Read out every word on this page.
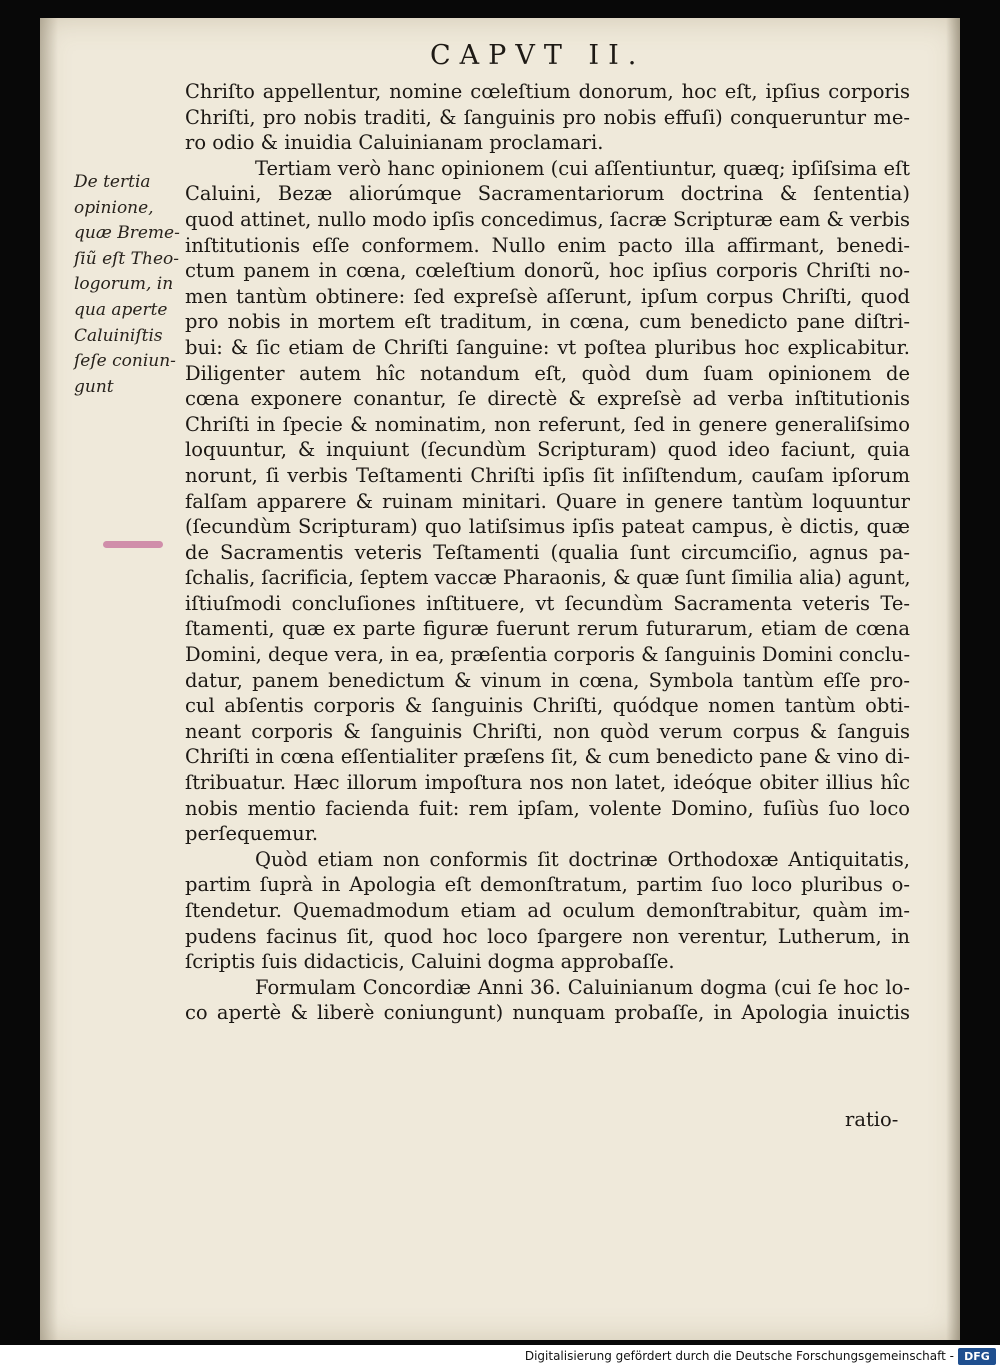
CAPVT II.
De tertia
opinione,
quæ Breme-
ſiũ eſt Theo-
logorum, in
qua aperte
Caluiniſtis
ſeſe coniun-
gunt
Chriſto appellentur, nomine cœleſtium donorum, hoc eſt, ipſius corporis
Chriſti, pro nobis traditi, & ſanguinis pro nobis effuſi) conqueruntur me-
ro odio & inuidia Caluinianam proclamari.
Tertiam verò hanc opinionem (cui aſſentiuntur, quæq; ipſiſsima eſt
Caluini, Bezæ aliorúmque Sacramentariorum doctrina & ſententia)
quod attinet, nullo modo ipſis concedimus, ſacræ Scripturæ eam & verbis
inſtitutionis eſſe conformem. Nullo enim pacto illa affirmant, benedi-
ctum panem in cœna, cœleſtium donorũ, hoc ipſius corporis Chriſti no-
men tantùm obtinere: ſed expreſsè aſſerunt, ipſum corpus Chriſti, quod
pro nobis in mortem eſt traditum, in cœna, cum benedicto pane diſtri-
bui: & ſic etiam de Chriſti ſanguine: vt poſtea pluribus hoc explicabitur.
Diligenter autem hîc notandum eſt, quòd dum ſuam opinionem de
cœna exponere conantur, ſe directè & expreſsè ad verba inſtitutionis
Chriſti in ſpecie & nominatim, non referunt, ſed in genere generaliſsimo
loquuntur, & inquiunt (ſecundùm Scripturam) quod ideo faciunt, quia
norunt, ſi verbis Teſtamenti Chriſti ipſis ſit inſiſtendum, cauſam ipſorum
falſam apparere & ruinam minitari. Quare in genere tantùm loquuntur
(ſecundùm Scripturam) quo latiſsimus ipſis pateat campus, è dictis, quæ
de Sacramentis veteris Teſtamenti (qualia ſunt circumciſio, agnus pa-
ſchalis, ſacrificia, ſeptem vaccæ Pharaonis, & quæ ſunt ſimilia alia) agunt,
iſtiuſmodi concluſiones inſtituere, vt ſecundùm Sacramenta veteris Te-
ſtamenti, quæ ex parte figuræ fuerunt rerum futurarum, etiam de cœna
Domini, deque vera, in ea, præſentia corporis & ſanguinis Domini conclu-
datur, panem benedictum & vinum in cœna, Symbola tantùm eſſe pro-
cul abſentis corporis & ſanguinis Chriſti, quódque nomen tantùm obti-
neant corporis & ſanguinis Chriſti, non quòd verum corpus & ſanguis
Chriſti in cœna eſſentialiter præſens ſit, & cum benedicto pane & vino di-
ſtribuatur. Hæc illorum impoſtura nos non latet, ideóque obiter illius hîc
nobis mentio facienda fuit: rem ipſam, volente Domino, fuſiùs ſuo loco
perſequemur.
Quòd etiam non conformis ſit doctrinæ Orthodoxæ Antiquitatis,
partim ſuprà in Apologia eſt demonſtratum, partim ſuo loco pluribus o-
ſtendetur. Quemadmodum etiam ad oculum demonſtrabitur, quàm im-
pudens facinus ſit, quod hoc loco ſpargere non verentur, Lutherum, in
ſcriptis ſuis didacticis, Caluini dogma approbaſſe.
Formulam Concordiæ Anni 36. Caluinianum dogma (cui ſe hoc lo-
co apertè & liberè coniungunt) nunquam probaſſe, in Apologia inuictis
ratio-
Digitalisierung gefördert durch die Deutsche Forschungsgemeinschaft - DFG
